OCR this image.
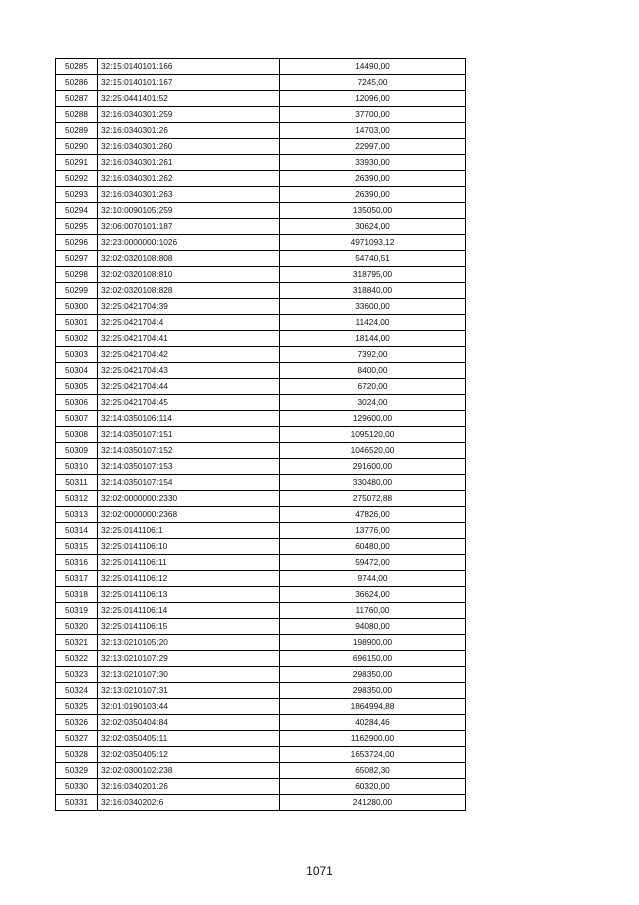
50285	32:15:0140101:166	14490,00
50286	32:15:0140101:167	7245,00
50287	32:25:0441401:52	12096,00
50288	32:16:0340301:259	37700,00
50289	32:16:0340301:26	14703,00
50290	32:16:0340301:260	22997,00
50291	32:16:0340301:261	33930,00
50292	32:16:0340301:262	26390,00
50293	32:16:0340301:263	26390,00
50294	32:10:0090105:259	135050,00
50295	32:06:0070101:187	30624,00
50296	32:23:0000000:1026	4971093,12
50297	32:02:0320108:808	54740,51
50298	32:02:0320108:810	318795,00
50299	32:02:0320108:828	318840,00
50300	32:25:0421704:39	33600,00
50301	32:25:0421704:4	11424,00
50302	32:25:0421704:41	18144,00
50303	32:25:0421704:42	7392,00
50304	32:25:0421704:43	8400,00
50305	32:25:0421704:44	6720,00
50306	32:25:0421704:45	3024,00
50307	32:14:0350106:114	129600,00
50308	32:14:0350107:151	1095120,00
50309	32:14:0350107:152	1046520,00
50310	32:14:0350107:153	291600,00
50311	32:14:0350107:154	330480,00
50312	32:02:0000000:2330	275072,88
50313	32:02:0000000:2368	47826,00
50314	32:25:0141106:1	13776,00
50315	32:25:0141106:10	60480,00
50316	32:25:0141106:11	59472,00
50317	32:25:0141106:12	9744,00
50318	32:25:0141106:13	36624,00
50319	32:25:0141106:14	11760,00
50320	32:25:0141106:15	94080,00
50321	32:13:0210105:20	198900,00
50322	32:13:0210107:29	696150,00
50323	32:13:0210107:30	298350,00
50324	32:13:0210107:31	298350,00
50325	32:01:0190103:44	1864994,88
50326	32:02:0350404:84	40284,46
50327	32:02:0350405:11	1162900,00
50328	32:02:0350405:12	1653724,00
50329	32:02:0300102:238	65082,30
50330	32:16:0340201:26	60320,00
50331	32:16:0340202:6	241280,00
1071
